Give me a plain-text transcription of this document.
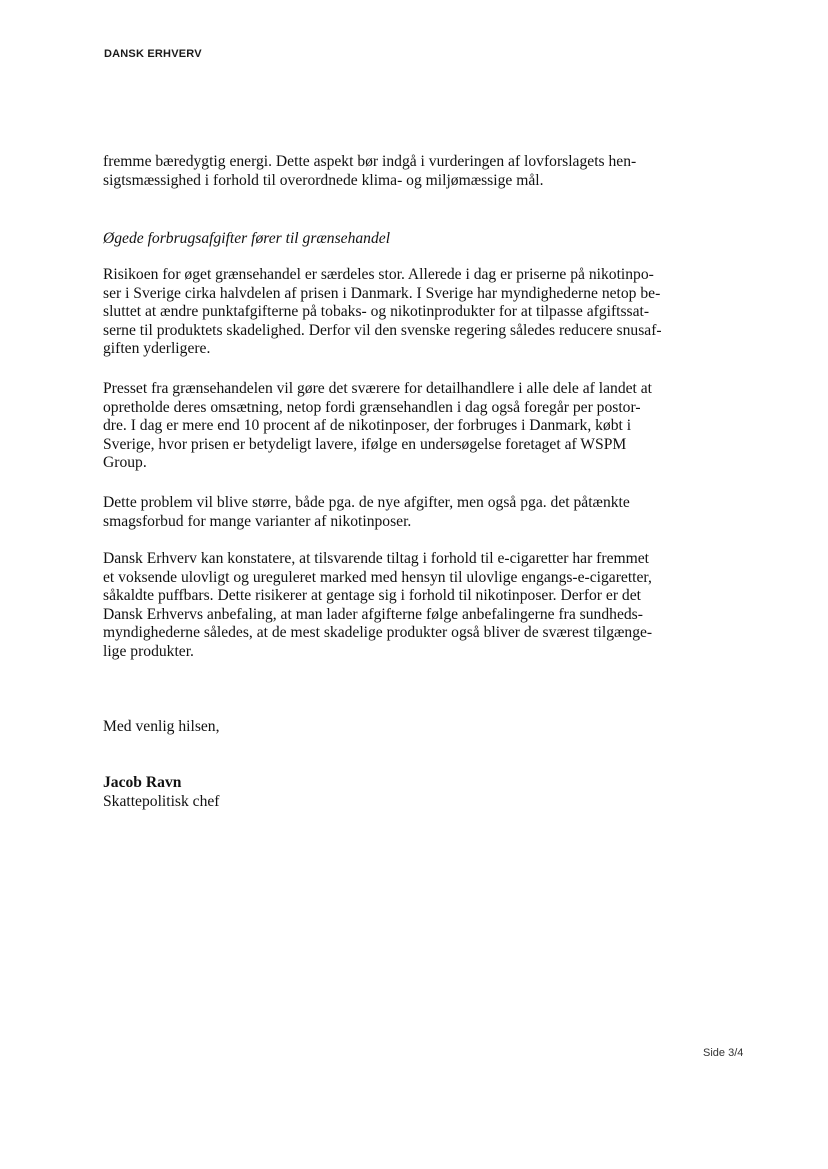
DANSK ERHVERV
fremme bæredygtig energi. Dette aspekt bør indgå i vurderingen af lovforslagets hen-
sigtsmæssighed i forhold til overordnede klima- og miljømæssige mål.
Øgede forbrugsafgifter fører til grænsehandel
Risikoen for øget grænsehandel er særdeles stor. Allerede i dag er priserne på nikotinpo-
ser i Sverige cirka halvdelen af prisen i Danmark. I Sverige har myndighederne netop be-
sluttet at ændre punktafgifterne på tobaks- og nikotinprodukter for at tilpasse afgiftssat-
serne til produktets skadelighed. Derfor vil den svenske regering således reducere snusaf-
giften yderligere.
Presset fra grænsehandelen vil gøre det sværere for detailhandlere i alle dele af landet at
opretholde deres omsætning, netop fordi grænsehandlen i dag også foregår per postor-
dre. I dag er mere end 10 procent af de nikotinposer, der forbruges i Danmark, købt i
Sverige, hvor prisen er betydeligt lavere, ifølge en undersøgelse foretaget af WSPM
Group.
Dette problem vil blive større, både pga. de nye afgifter, men også pga. det påtænkte
smagsforbud for mange varianter af nikotinposer.
Dansk Erhverv kan konstatere, at tilsvarende tiltag i forhold til e-cigaretter har fremmet
et voksende ulovligt og ureguleret marked med hensyn til ulovlige engangs-e-cigaretter,
såkaldte puffbars. Dette risikerer at gentage sig i forhold til nikotinposer. Derfor er det
Dansk Erhvervs anbefaling, at man lader afgifterne følge anbefalingerne fra sundheds-
myndighederne således, at de mest skadelige produkter også bliver de sværest tilgænge-
lige produkter.
Med venlig hilsen,
Jacob Ravn
Skattepolitisk chef
Side 3/4
